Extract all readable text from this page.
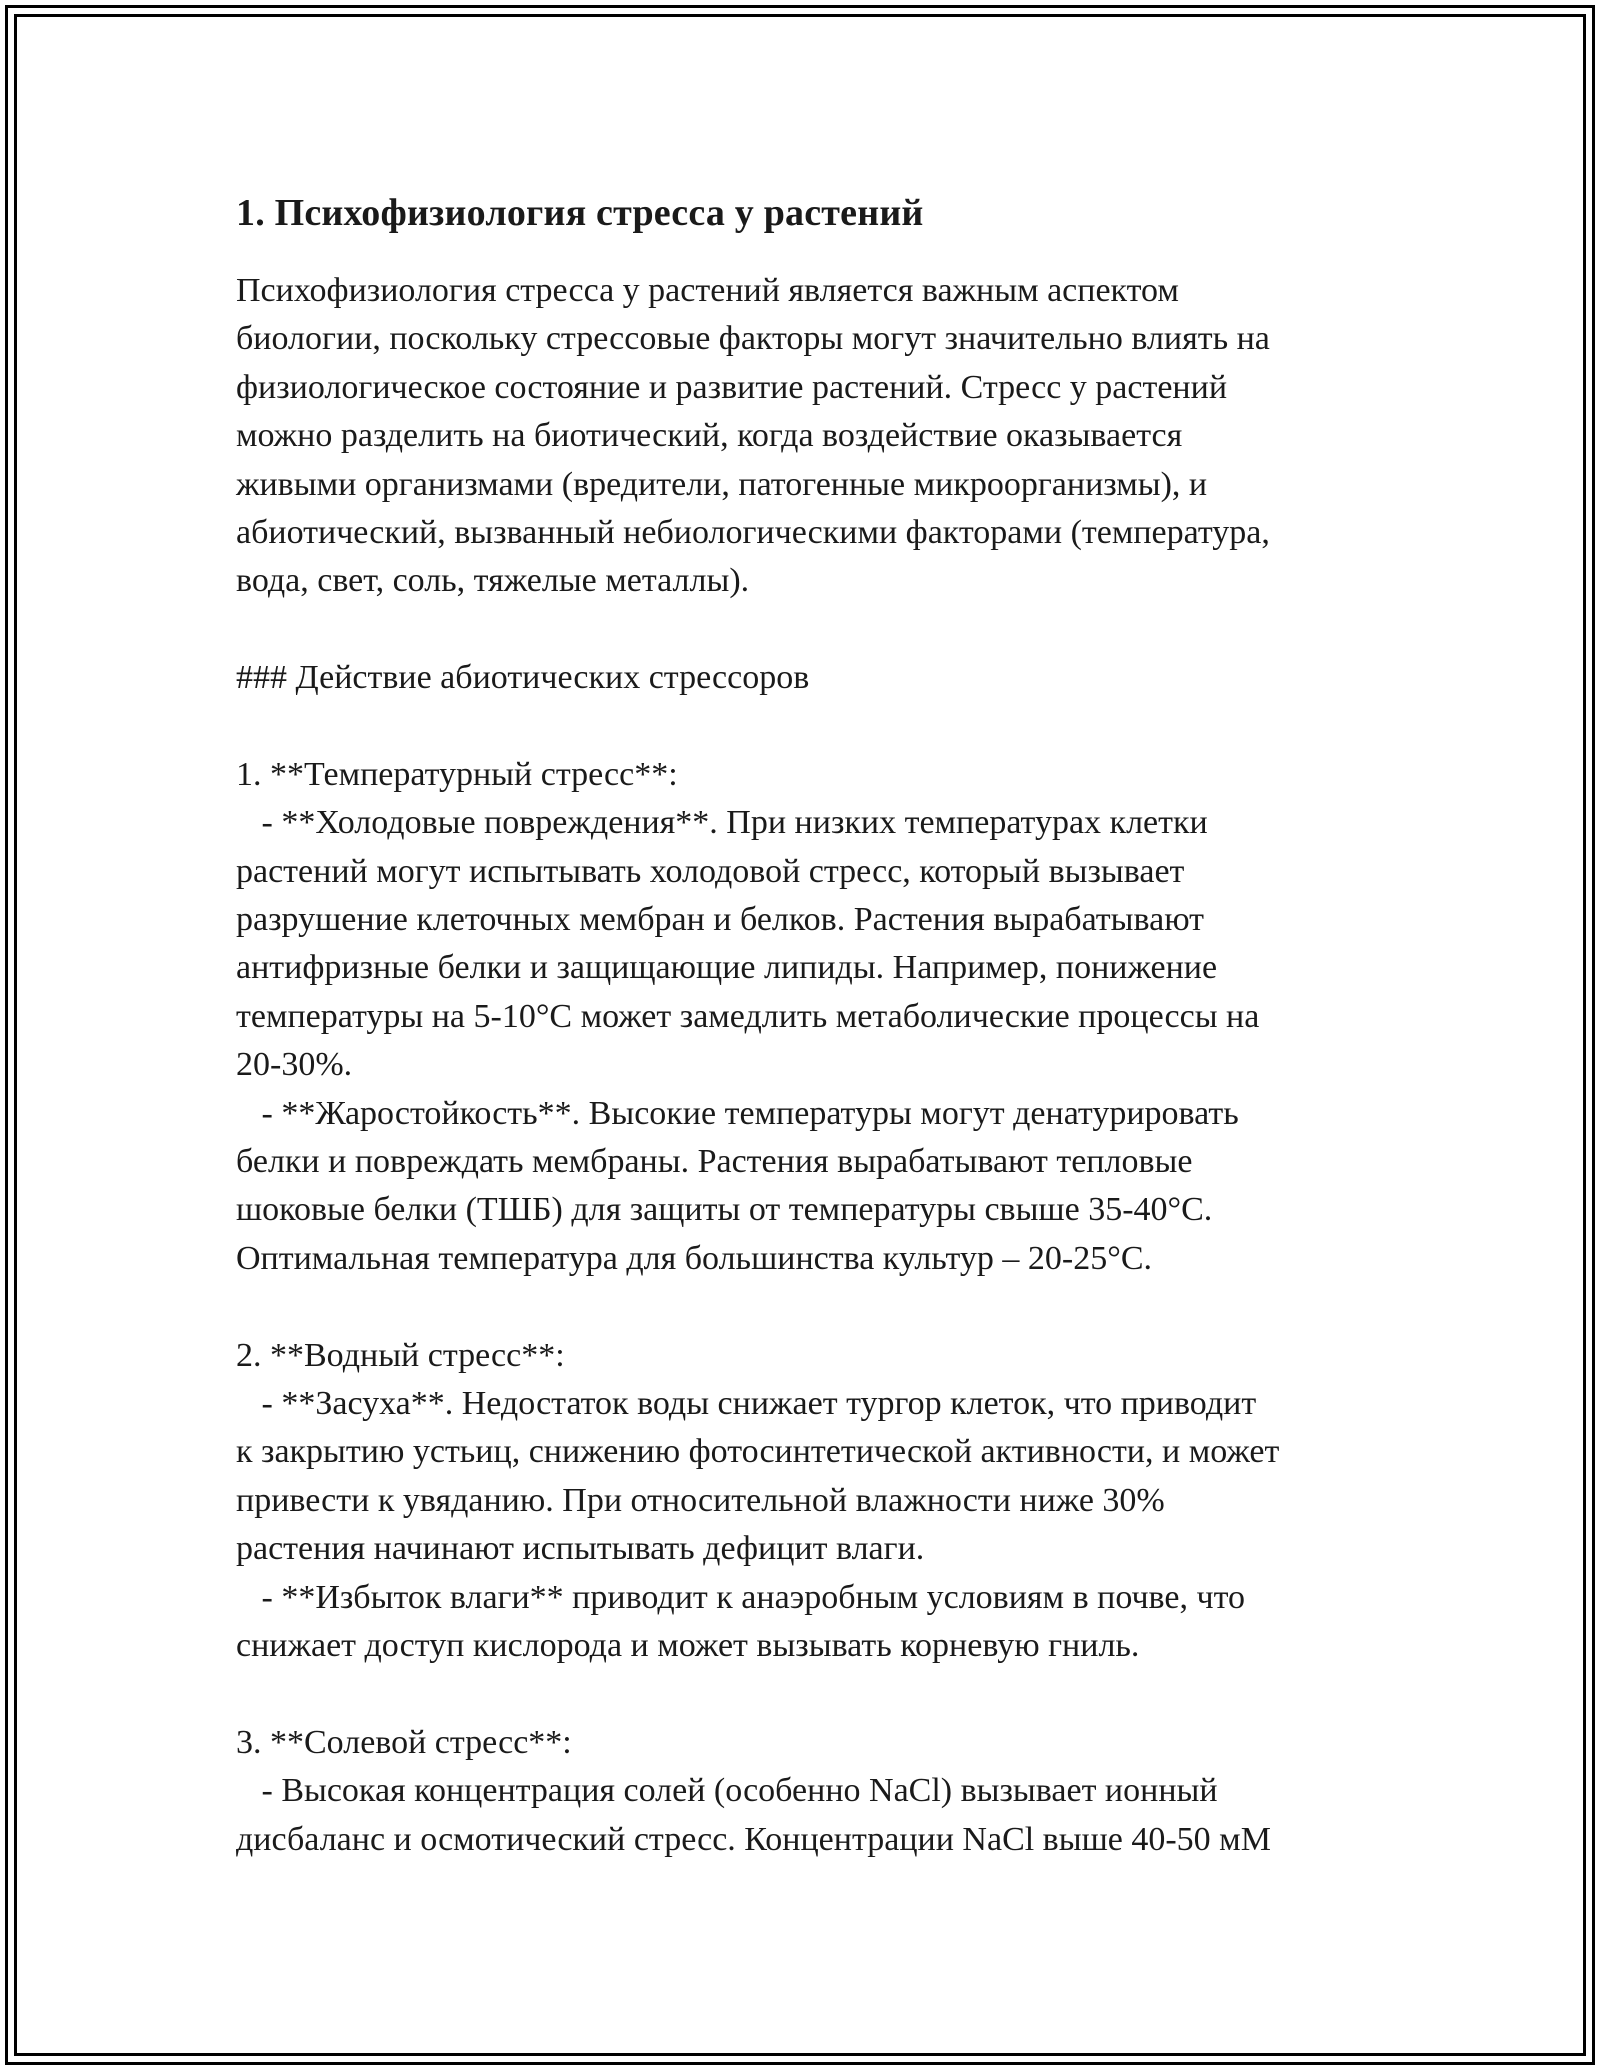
1. Психофизиология стресса у растений
Психофизиология стресса у растений является важным аспектом
биологии, поскольку стрессовые факторы могут значительно влиять на
физиологическое состояние и развитие растений. Стресс у растений
можно разделить на биотический, когда воздействие оказывается
живыми организмами (вредители, патогенные микроорганизмы), и
абиотический, вызванный небиологическими факторами (температура,
вода, свет, соль, тяжелые металлы).
### Действие абиотических стрессоров
1. **Температурный стресс**:
- **Холодовые повреждения**. При низких температурах клетки
растений могут испытывать холодовой стресс, который вызывает
разрушение клеточных мембран и белков. Растения вырабатывают
антифризные белки и защищающие липиды. Например, понижение
температуры на 5-10°C может замедлить метаболические процессы на
20-30%.
- **Жаростойкость**. Высокие температуры могут денатурировать
белки и повреждать мембраны. Растения вырабатывают тепловые
шоковые белки (ТШБ) для защиты от температуры свыше 35-40°C.
Оптимальная температура для большинства культур – 20-25°C.
2. **Водный стресс**:
- **Засуха**. Недостаток воды снижает тургор клеток, что приводит
к закрытию устьиц, снижению фотосинтетической активности, и может
привести к увяданию. При относительной влажности ниже 30%
растения начинают испытывать дефицит влаги.
- **Избыток влаги** приводит к анаэробным условиям в почве, что
снижает доступ кислорода и может вызывать корневую гниль.
3. **Солевой стресс**:
- Высокая концентрация солей (особенно NaCl) вызывает ионный
дисбаланс и осмотический стресс. Концентрации NaCl выше 40-50 мМ
